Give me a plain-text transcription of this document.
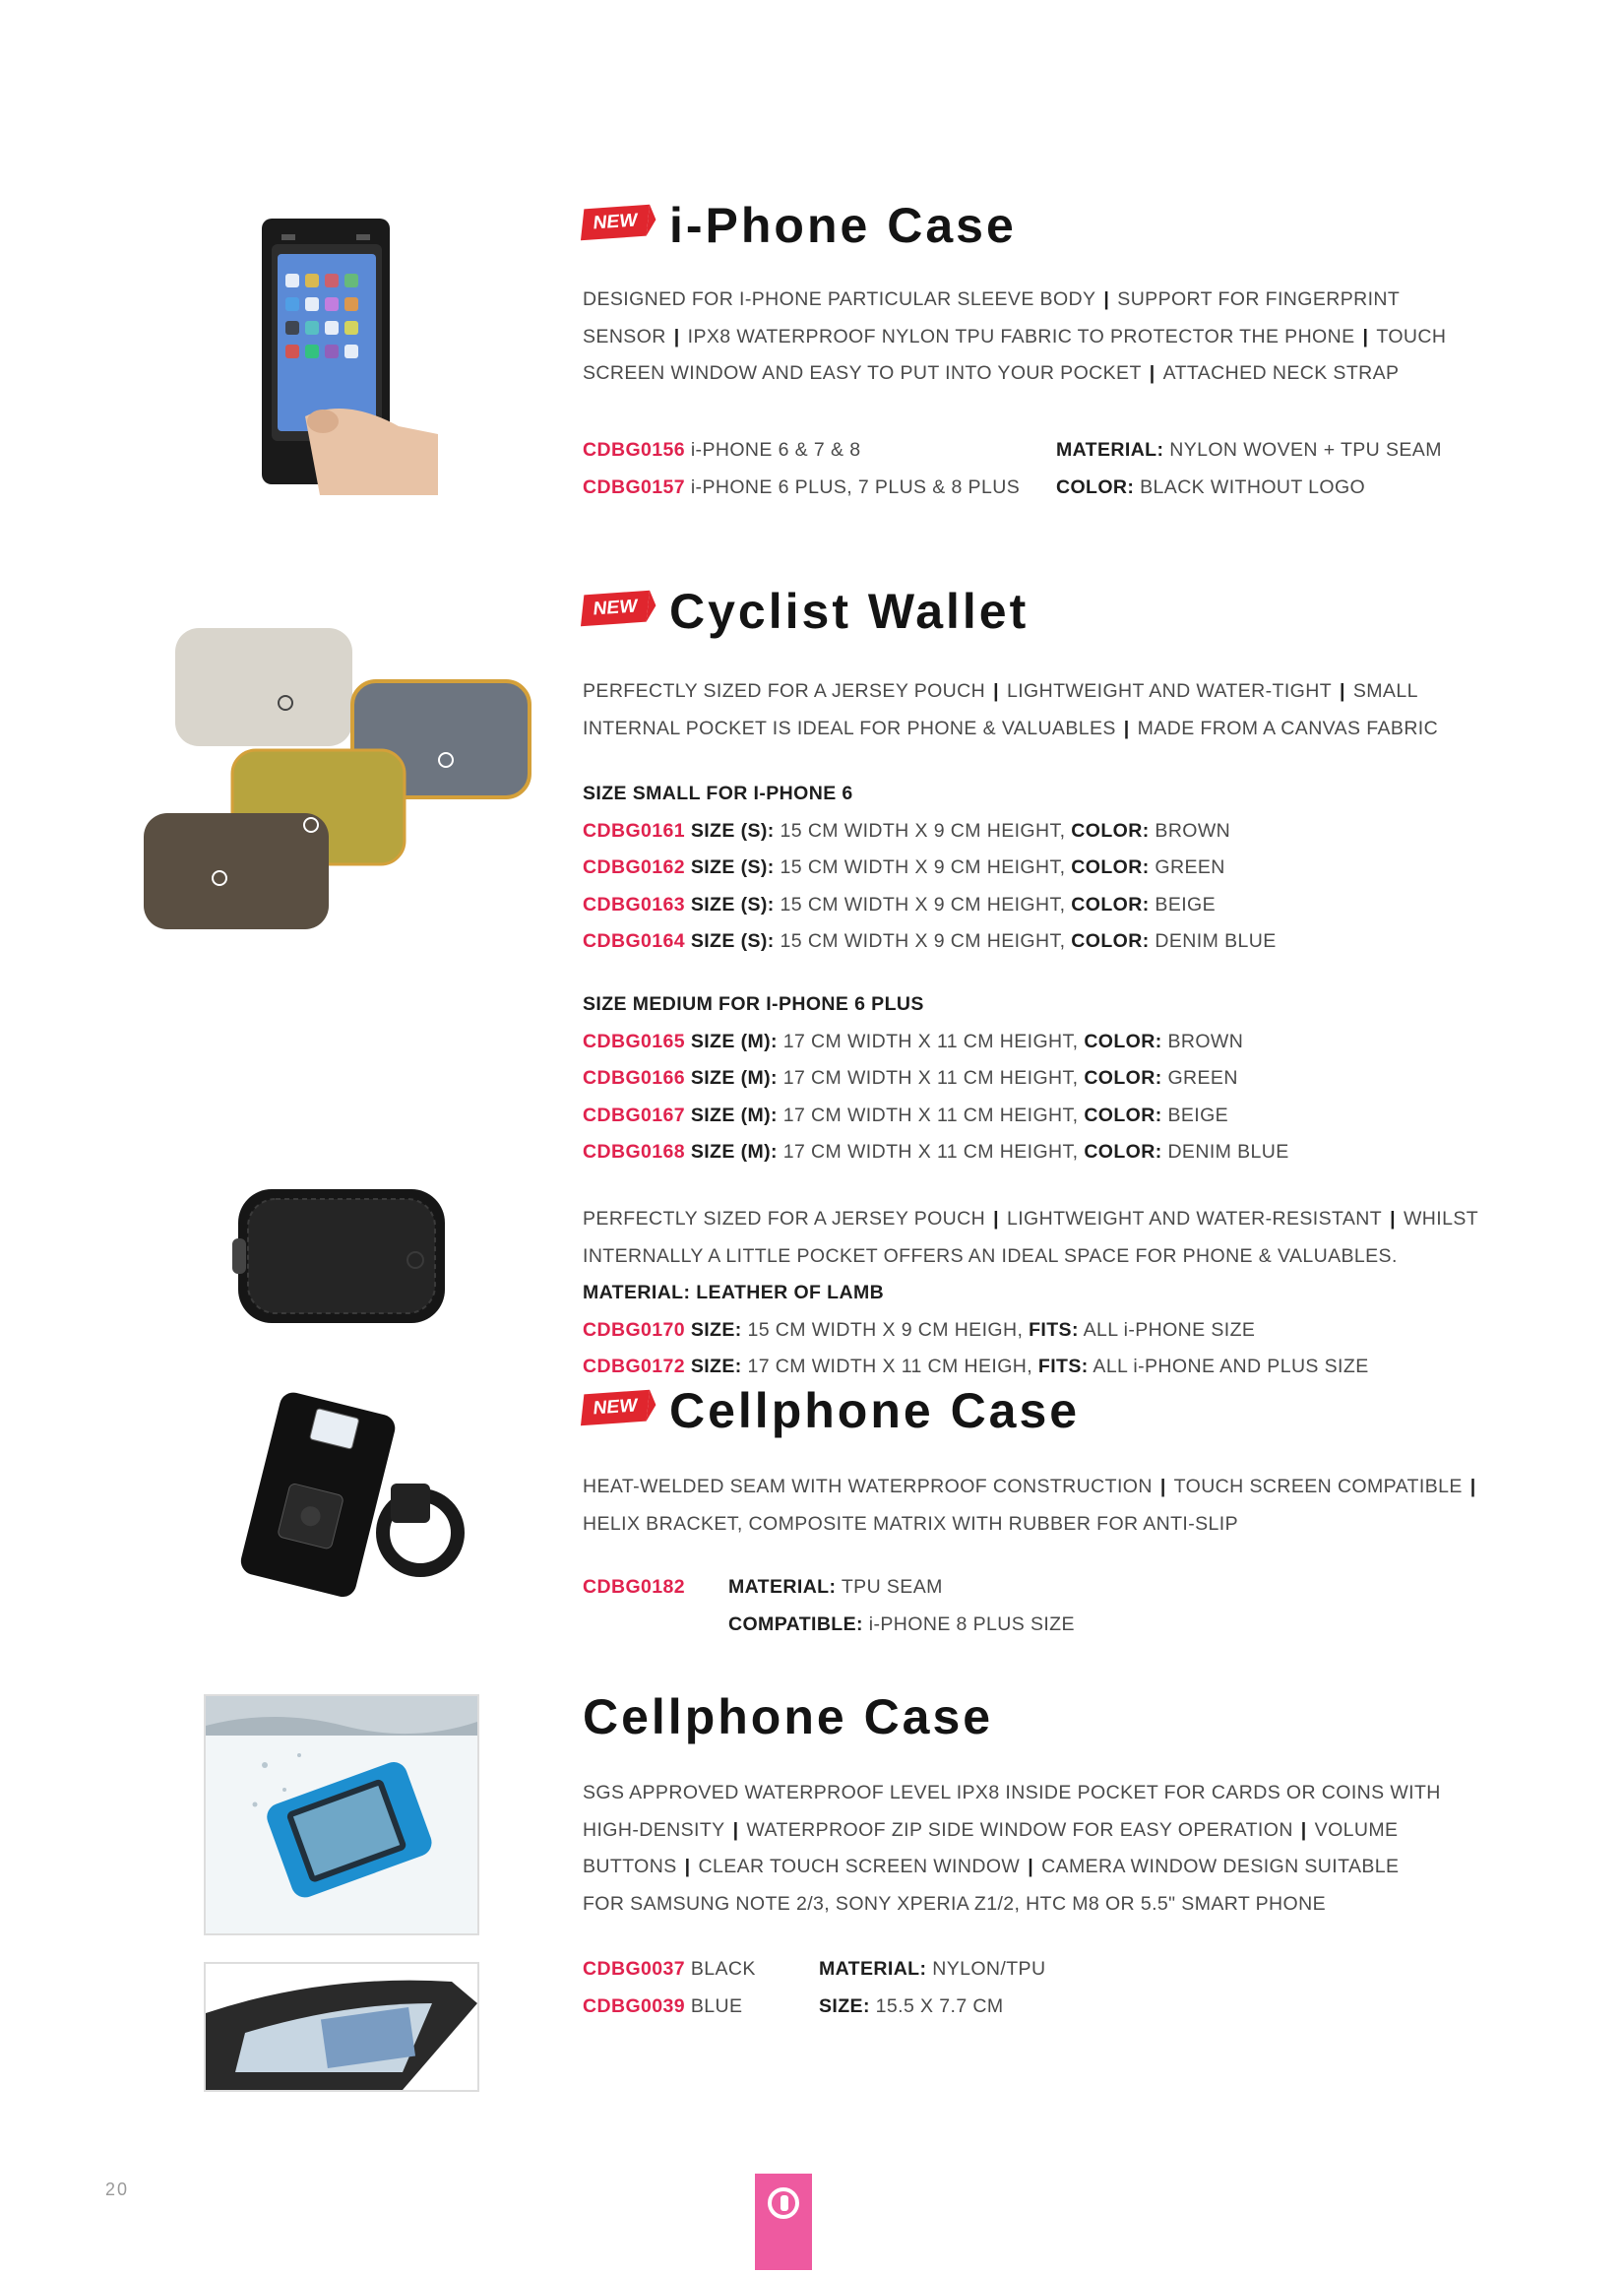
NEW i-Phone Case
DESIGNED FOR I-PHONE PARTICULAR SLEEVE BODY | SUPPORT FOR FINGERPRINT
SENSOR | IPX8 WATERPROOF NYLON TPU FABRIC TO PROTECTOR THE PHONE | TOUCH
SCREEN WINDOW AND EASY TO PUT INTO YOUR POCKET | ATTACHED NECK STRAP
CDBG0156 i-PHONE 6 & 7 & 8
CDBG0157 i-PHONE 6 PLUS, 7 PLUS & 8 PLUS
MATERIAL: NYLON WOVEN + TPU SEAM
COLOR: BLACK WITHOUT LOGO
NEW Cyclist Wallet
PERFECTLY SIZED FOR A JERSEY POUCH | LIGHTWEIGHT AND WATER-TIGHT | SMALL
INTERNAL POCKET IS IDEAL FOR PHONE & VALUABLES | MADE FROM A CANVAS FABRIC
SIZE SMALL FOR I-PHONE 6
CDBG0161 SIZE (S): 15 CM WIDTH X 9 CM HEIGHT, COLOR: BROWN
CDBG0162 SIZE (S): 15 CM WIDTH X 9 CM HEIGHT, COLOR: GREEN
CDBG0163 SIZE (S): 15 CM WIDTH X 9 CM HEIGHT, COLOR: BEIGE
CDBG0164 SIZE (S): 15 CM WIDTH X 9 CM HEIGHT, COLOR: DENIM BLUE
SIZE MEDIUM FOR I-PHONE 6 PLUS
CDBG0165 SIZE (M): 17 CM WIDTH X 11 CM HEIGHT, COLOR: BROWN
CDBG0166 SIZE (M): 17 CM WIDTH X 11 CM HEIGHT, COLOR: GREEN
CDBG0167 SIZE (M): 17 CM WIDTH X 11 CM HEIGHT, COLOR: BEIGE
CDBG0168 SIZE (M): 17 CM WIDTH X 11 CM HEIGHT, COLOR: DENIM BLUE
PERFECTLY SIZED FOR A JERSEY POUCH | LIGHTWEIGHT AND WATER-RESISTANT | WHILST
INTERNALLY A LITTLE POCKET OFFERS AN IDEAL SPACE FOR PHONE & VALUABLES.
MATERIAL: LEATHER OF LAMB
CDBG0170 SIZE: 15 CM WIDTH X 9 CM HEIGH, FITS: ALL i-PHONE SIZE
CDBG0172 SIZE: 17 CM WIDTH X 11 CM HEIGH, FITS: ALL i-PHONE AND PLUS SIZE
NEW Cellphone Case
HEAT-WELDED SEAM WITH WATERPROOF CONSTRUCTION | TOUCH SCREEN COMPATIBLE |
HELIX BRACKET, COMPOSITE MATRIX WITH RUBBER FOR ANTI-SLIP
CDBG0182 MATERIAL: TPU SEAM
COMPATIBLE: i-PHONE 8 PLUS SIZE
Cellphone Case
SGS APPROVED WATERPROOF LEVEL IPX8 INSIDE POCKET FOR CARDS OR COINS WITH
HIGH-DENSITY | WATERPROOF ZIP SIDE WINDOW FOR EASY OPERATION | VOLUME
BUTTONS | CLEAR TOUCH SCREEN WINDOW | CAMERA WINDOW DESIGN SUITABLE
FOR SAMSUNG NOTE 2/3, SONY XPERIA Z1/2, HTC M8 OR 5.5" SMART PHONE
CDBG0037 BLACK
CDBG0039 BLUE
MATERIAL: NYLON/TPU
SIZE: 15.5 X 7.7 CM
20
